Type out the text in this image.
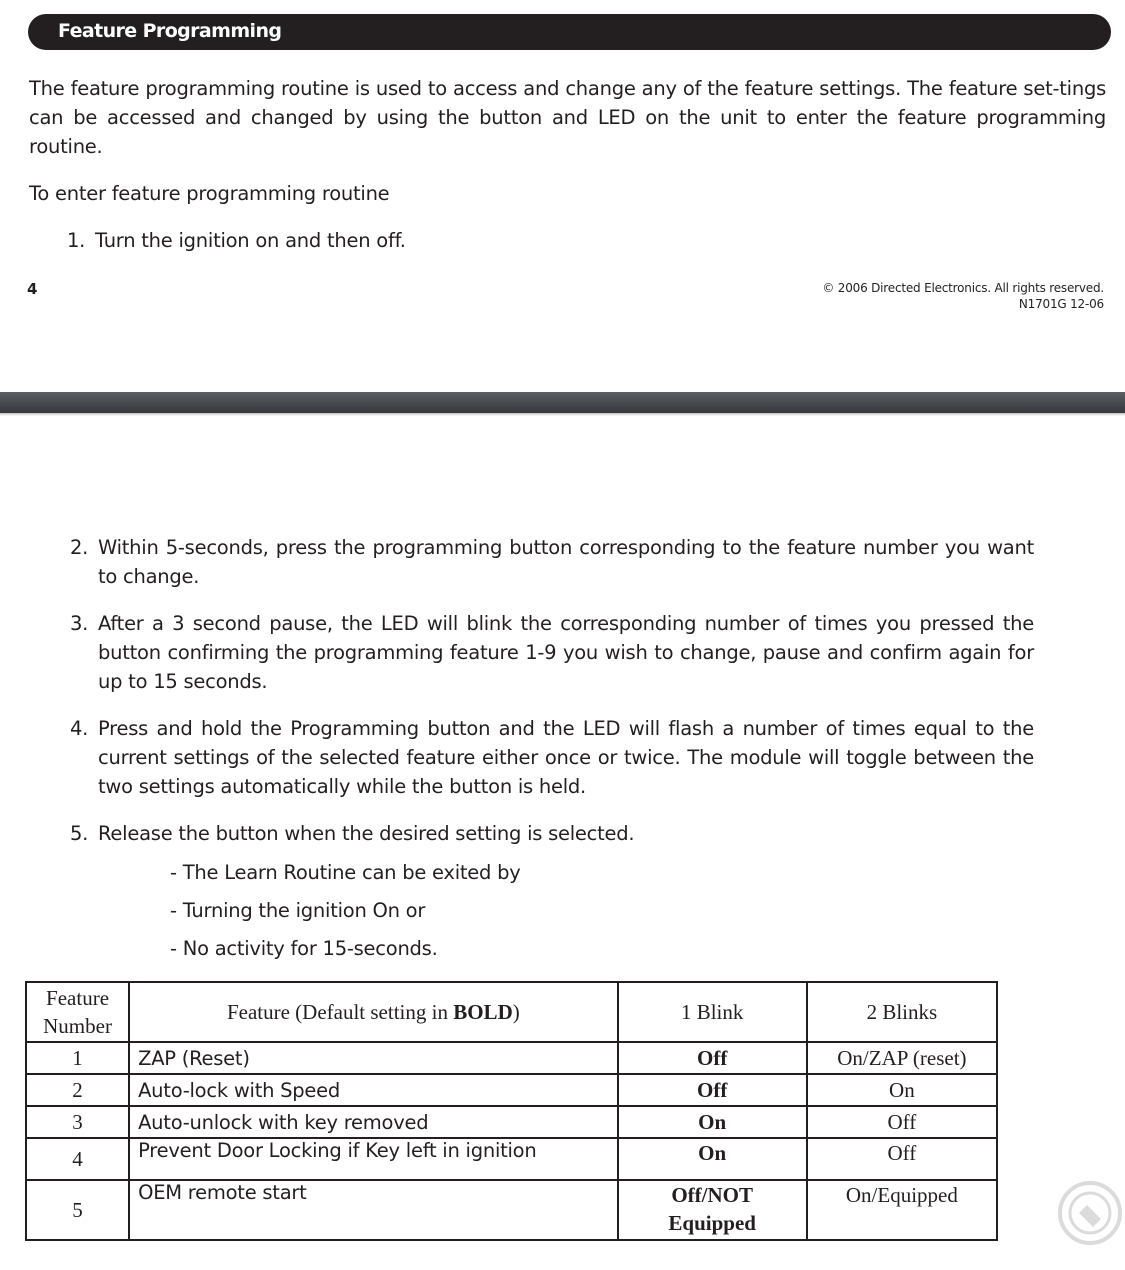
Feature Programming

The feature programming routine is used to access and change any of the feature settings. The feature set-tings can be accessed and changed by using the button and LED on the unit to enter the feature programming routine.

To enter feature programming routine

1. Turn the ignition on and then off.

4	© 2006 Directed Electronics. All rights reserved.
N1701G 12-06

2. Within 5-seconds, press the programming button corresponding to the feature number you want to change.

3. After a 3 second pause, the LED will blink the corresponding number of times you pressed the button confirming the programming feature 1-9 you wish to change, pause and confirm again for up to 15 seconds.

4. Press and hold the Programming button and the LED will flash a number of times equal to the current settings of the selected feature either once or twice. The module will toggle between the two settings automatically while the button is held.

5. Release the button when the desired setting is selected.

- The Learn Routine can be exited by

- Turning the ignition On or

- No activity for 15-seconds.

Feature
Number	Feature (Default setting in BOLD)	1 Blink	2 Blinks
1	ZAP (Reset)	Off	On/ZAP (reset)
2	Auto-lock with Speed	Off	On
3	Auto-unlock with key removed	On	Off
4	Prevent Door Locking if Key left in ignition	On	Off
5	OEM remote start	Off/NOT
Equipped	On/Equipped
